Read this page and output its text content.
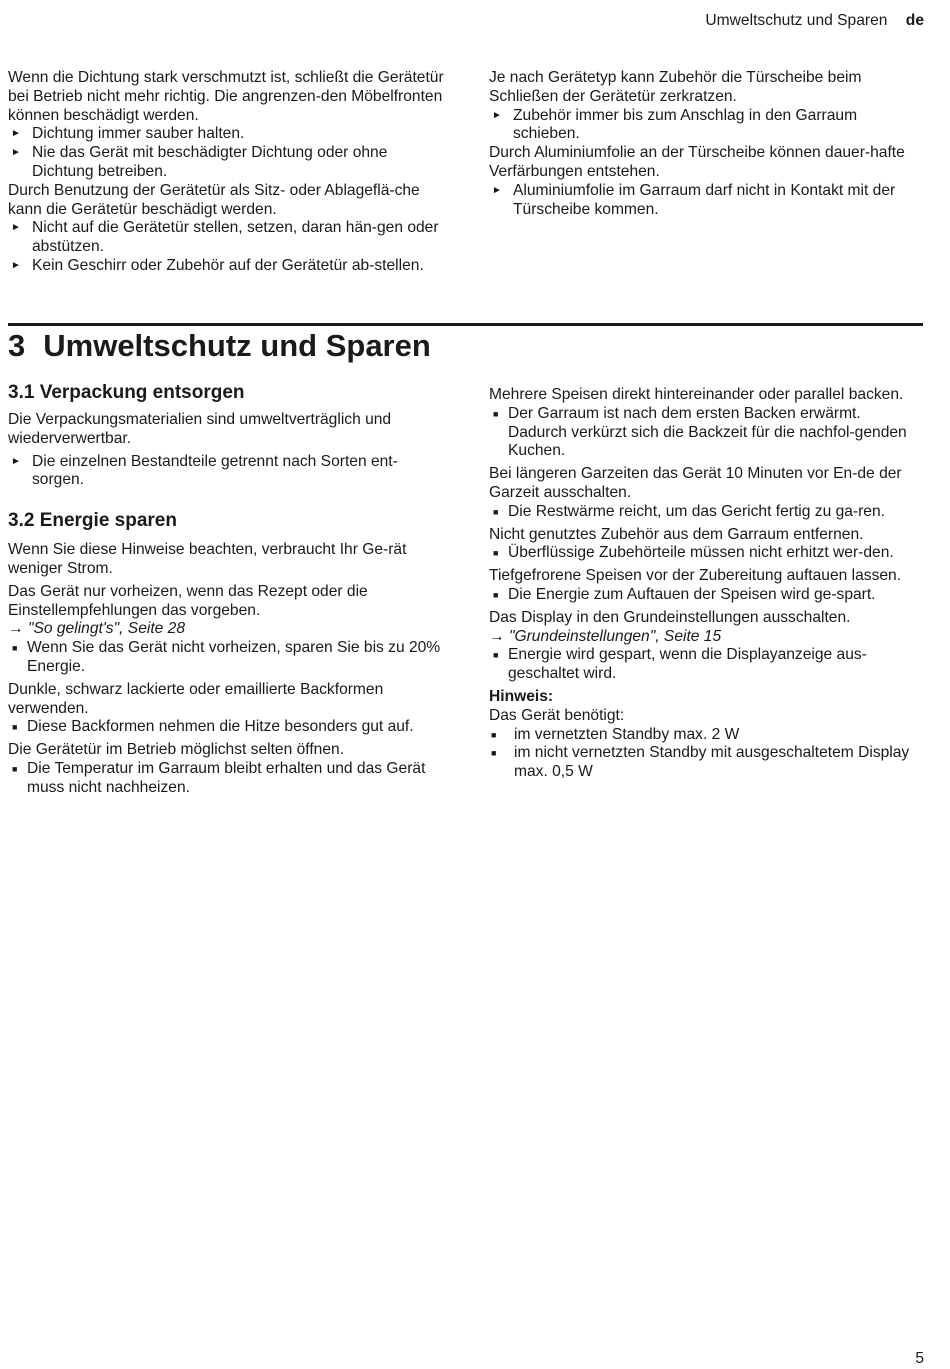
Umweltschutz und Sparen de

Wenn die Dichtung stark verschmutzt ist, schließt die Gerätetür bei Betrieb nicht mehr richtig. Die angrenzen-den Möbelfronten können beschädigt werden.

► Dichtung immer sauber halten.
► Nie das Gerät mit beschädigter Dichtung oder ohne Dichtung betreiben.

Durch Benutzung der Gerätetür als Sitz- oder Ablageflä-che kann die Gerätetür beschädigt werden.

► Nicht auf die Gerätetür stellen, setzen, daran hän-gen oder abstützen.
► Kein Geschirr oder Zubehör auf der Gerätetür ab-stellen.

Je nach Gerätetyp kann Zubehör die Türscheibe beim Schließen der Gerätetür zerkratzen.

► Zubehör immer bis zum Anschlag in den Garraum schieben.

Durch Aluminiumfolie an der Türscheibe können dauer-hafte Verfärbungen entstehen.

► Aluminiumfolie im Garraum darf nicht in Kontakt mit der Türscheibe kommen.
3 Umweltschutz und Sparen
3.1 Verpackung entsorgen

Die Verpackungsmaterialien sind umweltverträglich und wiederverwertbar.

► Die einzelnen Bestandteile getrennt nach Sorten ent-sorgen.
3.2 Energie sparen

Wenn Sie diese Hinweise beachten, verbraucht Ihr Ge-rät weniger Strom.

Das Gerät nur vorheizen, wenn das Rezept oder die Einstellempfehlungen das vorgeben.

→ "So gelingt's", Seite 28

■ Wenn Sie das Gerät nicht vorheizen, sparen Sie bis zu 20% Energie.

Dunkle, schwarz lackierte oder emaillierte Backformen verwenden.

■ Diese Backformen nehmen die Hitze besonders gut auf.

Die Gerätetür im Betrieb möglichst selten öffnen.

■ Die Temperatur im Garraum bleibt erhalten und das Gerät muss nicht nachheizen.

Mehrere Speisen direkt hintereinander oder parallel backen.

■ Der Garraum ist nach dem ersten Backen erwärmt. Dadurch verkürzt sich die Backzeit für die nachfol-genden Kuchen.

Bei längeren Garzeiten das Gerät 10 Minuten vor En-de der Garzeit ausschalten.

■ Die Restwärme reicht, um das Gericht fertig zu ga-ren.

Nicht genutztes Zubehör aus dem Garraum entfernen.

■ Überflüssige Zubehörteile müssen nicht erhitzt wer-den.

Tiefgefrorene Speisen vor der Zubereitung auftauen lassen.

■ Die Energie zum Auftauen der Speisen wird ge-spart.

Das Display in den Grundeinstellungen ausschalten.

→ "Grundeinstellungen", Seite 15

■ Energie wird gespart, wenn die Displayanzeige aus-geschaltet wird.

Hinweis:

Das Gerät benötigt:

■ im vernetzten Standby max. 2 W
■ im nicht vernetzten Standby mit ausgeschaltetem Display max. 0,5 W
5
